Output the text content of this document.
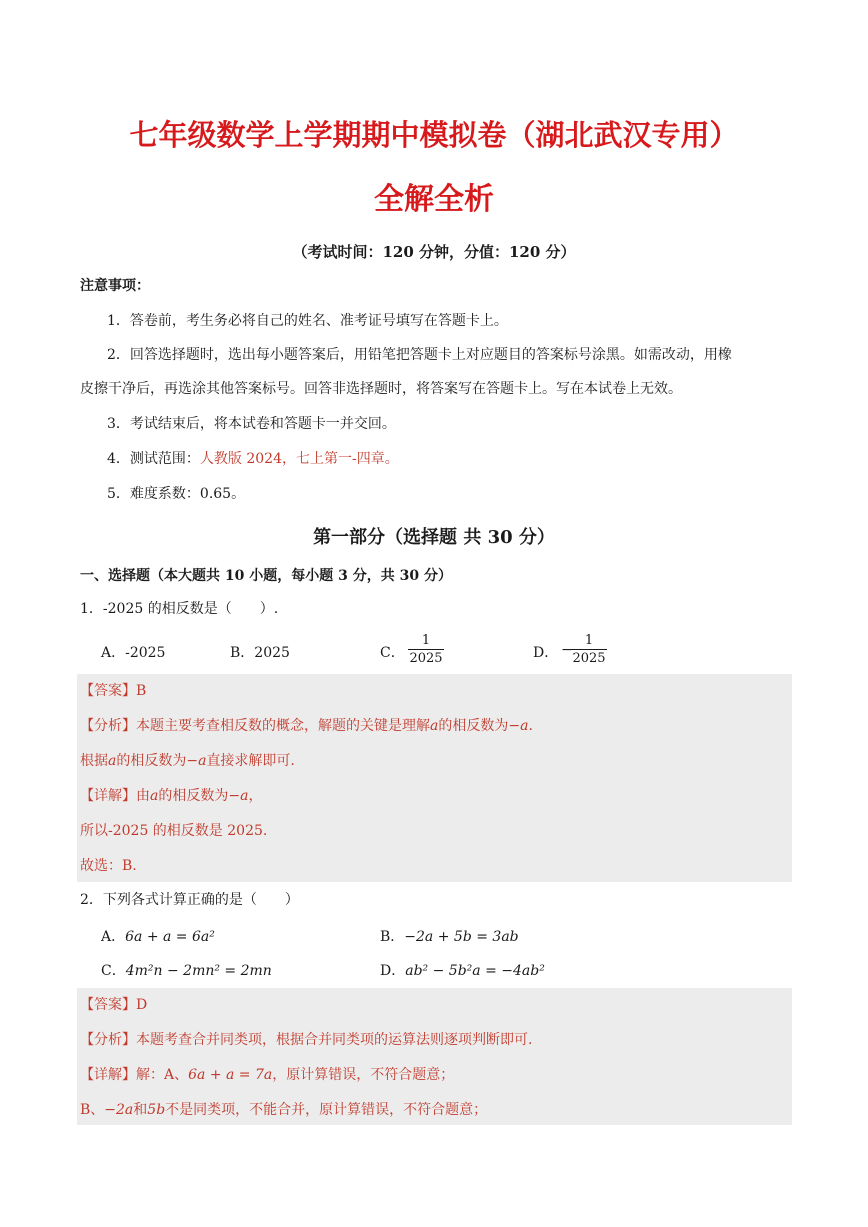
七年级数学上学期期中模拟卷（湖北武汉专用）
全解全析
（考试时间：120 分钟，分值：120 分）
注意事项：
1．答卷前，考生务必将自己的姓名、准考证号填写在答题卡上。
2．回答选择题时，选出每小题答案后，用铅笔把答题卡上对应题目的答案标号涂黑。如需改动，用橡
皮擦干净后，再选涂其他答案标号。回答非选择题时，将答案写在答题卡上。写在本试卷上无效。
3．考试结束后，将本试卷和答题卡一并交回。
4．测试范围：人教版 2024，七上第一-四章。
5．难度系数：0.65。
第一部分（选择题 共 30 分）
一、选择题（本大题共 10 小题，每小题 3 分，共 30 分）
1．-2025 的相反数是（　　）.
A．-2025	B．2025	C． $\frac{1}{2025}$	D． −
$\frac{1}{2025}$
【答案】B
【分析】本题主要考查相反数的概念，解题的关键是理解a的相反数为−a.
根据a的相反数为−a直接求解即可.
【详解】由a的相反数为−a，
所以-2025 的相反数是 2025.
故选：B.
2．下列各式计算正确的是（　　）
A．6a + a = 6a²	B．−2a + 5b = 3ab
C．4m²n − 2mn² = 2mn	D．ab² − 5b²a = −4ab²
【答案】D
【分析】本题考查合并同类项，根据合并同类项的运算法则逐项判断即可.
【详解】解：A、6a + a = 7a，原计算错误，不符合题意；
B、−2a和5b不是同类项，不能合并，原计算错误，不符合题意；
